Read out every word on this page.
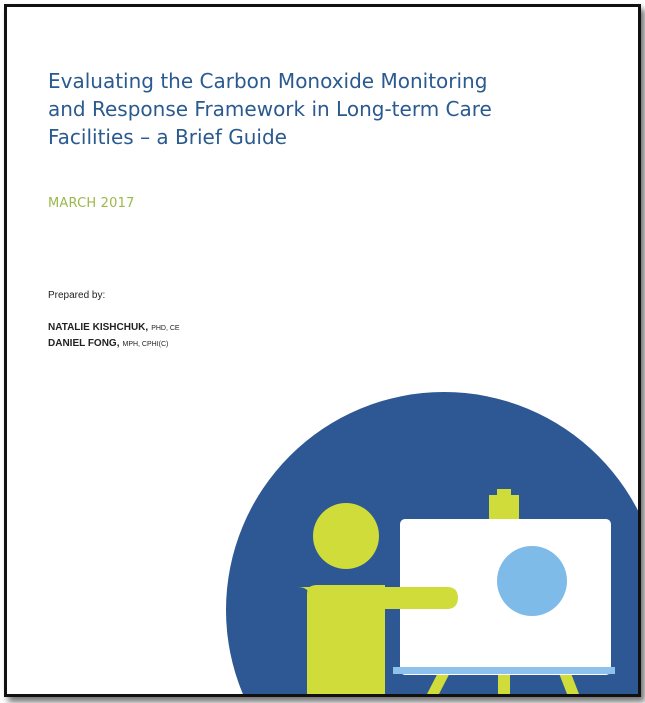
Evaluating the Carbon Monoxide Monitoring
and Response Framework in Long-term Care
Facilities – a Brief Guide
MARCH 2017
Prepared by:
NATALIE KISHCHUK, PHD, CE
DANIEL FONG, MPH, CPHI(C)
